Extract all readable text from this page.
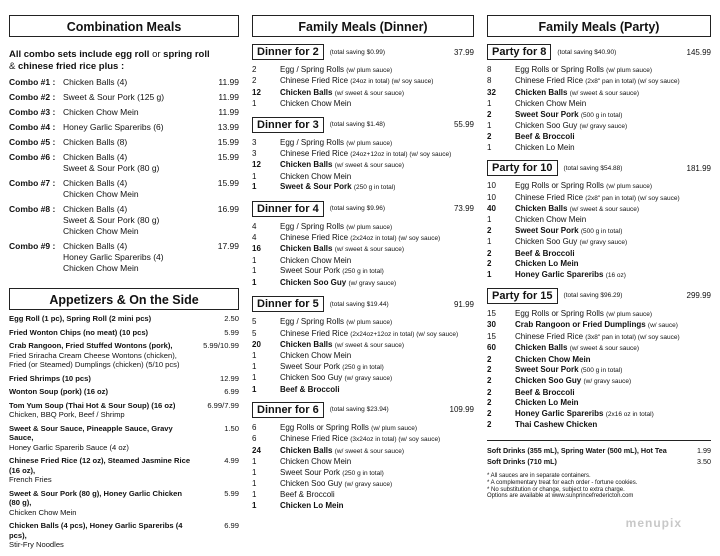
Combination Meals
All combo sets include egg roll or spring roll
& chinese fried rice plus :
Combo #1 : Chicken Balls (4)	11.99
Combo #2 : Sweet & Sour Pork (125 g)	11.99
Combo #3 : Chicken Chow Mein	11.99
Combo #4 : Honey Garlic Spareribs (6)	13.99
Combo #5 : Chicken Balls (8)	15.99
Combo #6 : Chicken Balls (4)
Sweet & Sour Pork (80 g)
15.99
Combo #7 : Chicken Balls (4)
Chicken Chow Mein
15.99
Combo #8 : Chicken Balls (4)
Sweet & Sour Pork (80 g)
Chicken Chow Mein
16.99
Combo #9 : Chicken Balls (4)
Honey Garlic Spareribs (4)
Chicken Chow Mein
17.99
Appetizers & On the Side
Egg Roll (1 pc), Spring Roll (2 mini pcs)	2.50
Fried Wonton Chips (no meat) (10 pcs)	5.99
Crab Rangoon, Fried Stuffed Wontons (pork),
Fried Sriracha Cream Cheese Wontons (chicken),
Fried (or Steamed) Dumplings (chicken) (5/10 pcs)
5.99/10.99
Fried Shrimps (10 pcs)	12.99
Wonton Soup (pork) (16 oz)	6.99
Tom Yum Soup (Thai Hot & Sour Soup) (16 oz)
Chicken, BBQ Pork, Beef / Shrimp
6.99/7.99
Sweet & Sour Sauce, Pineapple Sauce, Gravy Sauce,
Honey Garlic Sparerib Sauce (4 oz)
1.50
Chinese Fried Rice (12 oz), Steamed Jasmine Rice (16 oz),
French Fries
4.99
Sweet & Sour Pork (80 g), Honey Garlic Chicken (80 g),
Chicken Chow Mein
5.99
Chicken Balls (4 pcs), Honey Garlic Spareribs (4 pcs),
Stir-Fry Noodles
6.99
Family Meals (Dinner)
Dinner for 2	(total saving $0.99)	37.99
2	Egg / Spring Rolls (w/ plum sauce)
2	Chinese Fried Rice (24oz in total) (w/ soy sauce)
12	Chicken Balls (w/ sweet & sour sauce)
1	Chicken Chow Mein
Dinner for 3	(total saving $1.48)	55.99
3	Egg / Spring Rolls (w/ plum sauce)
3	Chinese Fried Rice (24oz+12oz in total) (w/ soy sauce)
12	Chicken Balls (w/ sweet & sour sauce)
1	Chicken Chow Mein
1	Sweet & Sour Pork (250 g in total)
Dinner for 4	(total saving $9.96)	73.99
4	Egg / Spring Rolls (w/ plum sauce)
4	Chinese Fried Rice (2x24oz in total) (w/ soy sauce)
16	Chicken Balls (w/ sweet & sour sauce)
1	Chicken Chow Mein
1	Sweet Sour Pork (250 g in total)
1	Chicken Soo Guy (w/ gravy sauce)
Dinner for 5	(total saving $19.44)	91.99
5	Egg / Spring Rolls (w/ plum sauce)
5	Chinese Fried Rice (2x24oz+12oz in total) (w/ soy sauce)
20	Chicken Balls (w/ sweet & sour sauce)
1	Chicken Chow Mein
1	Sweet Sour Pork (250 g in total)
1	Chicken Soo Guy (w/ gravy sauce)
1	Beef & Broccoli
Dinner for 6	(total saving $23.94)	109.99
6	Egg Rolls or Spring Rolls (w/ plum sauce)
6	Chinese Fried Rice (3x24oz in total) (w/ soy sauce)
24	Chicken Balls (w/ sweet & sour sauce)
1	Chicken Chow Mein
1	Sweet Sour Pork (250 g in total)
1	Chicken Soo Guy (w/ gravy sauce)
1	Beef & Broccoli
1	Chicken Lo Mein
Family Meals (Party)
Party for 8	(total saving $40.90)	145.99
8	Egg Rolls or Spring Rolls (w/ plum sauce)
8	Chinese Fried Rice (2x8" pan in total) (w/ soy sauce)
32	Chicken Balls (w/ sweet & sour sauce)
1	Chicken Chow Mein
2	Sweet Sour Pork (500 g in total)
1	Chicken Soo Guy (w/ gravy sauce)
2	Beef & Broccoli
1	Chicken Lo Mein
Party for 10	(total saving $54.88)	181.99
10	Egg Rolls or Spring Rolls (w/ plum sauce)
10	Chinese Fried Rice (2x8" pan in total) (w/ soy sauce)
40	Chicken Balls (w/ sweet & sour sauce)
1	Chicken Chow Mein
2	Sweet Sour Pork (500 g in total)
1	Chicken Soo Guy (w/ gravy sauce)
2	Beef & Broccoli
2	Chicken Lo Mein
1	Honey Garlic Spareribs (16 oz)
Party for 15	(total saving $96.29)	299.99
15	Egg Rolls or Spring Rolls (w/ plum sauce)
30	Crab Rangoon or Fried Dumplings (w/ sauce)
15	Chinese Fried Rice (3x8" pan in total) (w/ soy sauce)
60	Chicken Balls (w/ sweet & sour sauce)
2	Chicken Chow Mein
2	Sweet Sour Pork (500 g in total)
2	Chicken Soo Guy (w/ gravy sauce)
2	Beef & Broccoli
2	Chicken Lo Mein
2	Honey Garlic Spareribs (2x16 oz in total)
2	Thai Cashew Chicken
Soft Drinks (355 mL), Spring Water (500 mL), Hot Tea	1.99
Soft Drinks (710 mL)	3.50
* All sauces are in separate containers.
* A complementary treat for each order - fortune cookies.
* No substitution or change, subject to extra charge.
Options are available at www.sunprincefredericton.com
menupix
